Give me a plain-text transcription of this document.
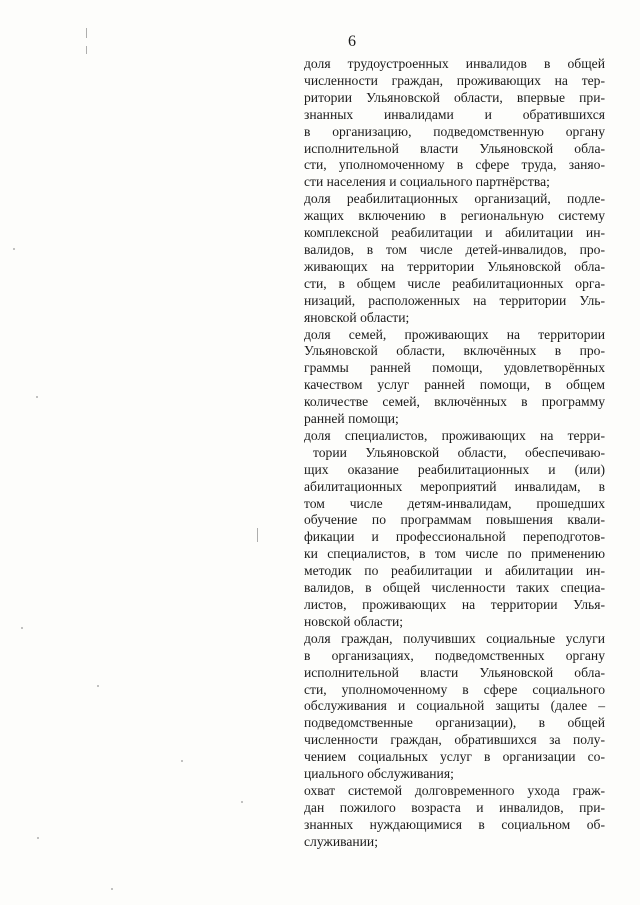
6

доля трудоустроенных инвалидов в общей
численности граждан, проживающих на тер-
ритории Ульяновской области, впервые при-
знанных инвалидами и обратившихся
в организацию, подведомственную органу
исполнительной власти Ульяновской обла-
сти, уполномоченному в сфере труда, заняо-
сти населения и социального партнёрства;

доля реабилитационных организаций, подле-
жащих включению в региональную систему
комплексной реабилитации и абилитации ин-
валидов, в том числе детей-инвалидов, про-
живающих на территории Ульяновской обла-
сти, в общем числе реабилитационных орга-
низаций, расположенных на территории Уль-
яновской области;

доля семей, проживающих на территории
Ульяновской области, включённых в про-
граммы ранней помощи, удовлетворённых
качеством услуг ранней помощи, в общем
количестве семей, включённых в программу
ранней помощи;

доля специалистов, проживающих на терри-
тории Ульяновской области, обеспечиваю-
щих оказание реабилитационных и (или)
абилитационных мероприятий инвалидам, в
том числе детям-инвалидам, прошедших
обучение по программам повышения квали-
фикации и профессиональной переподготов-
ки специалистов, в том числе по применению
методик по реабилитации и абилитации ин-
валидов, в общей численности таких специа-
листов, проживающих на территории Улья-
новской области;

доля граждан, получивших социальные услуги
в организациях, подведомственных органу
исполнительной власти Ульяновской обла-
сти, уполномоченному в сфере социального
обслуживания и социальной защиты (далее –
подведомственные организации), в общей
численности граждан, обратившихся за полу-
чением социальных услуг в организации со-
циального обслуживания;

охват системой долговременного ухода граж-
дан пожилого возраста и инвалидов, при-
знанных нуждающимися в социальном об-
служивании;
